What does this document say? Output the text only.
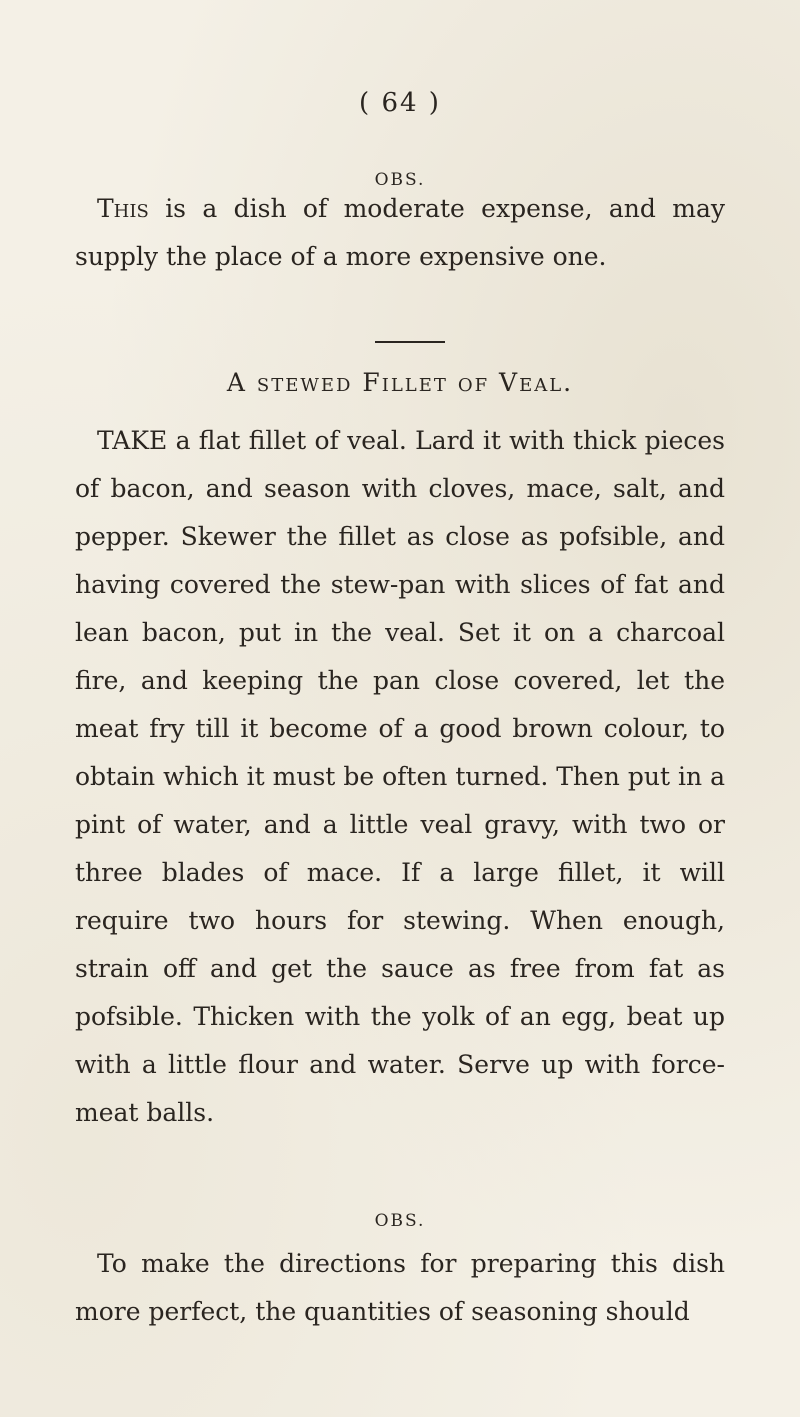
( 64 )
OBS.
This is a dish of moderate expense, and may supply the place of a more expensive one.
A stewed Fillet of Veal.
TAKE a flat fillet of veal. Lard it with thick pieces of bacon, and season with cloves, mace, salt, and pepper. Skewer the fillet as close as pofsible, and having covered the stew-pan with slices of fat and lean bacon, put in the veal. Set it on a charcoal fire, and keeping the pan close covered, let the meat fry till it become of a good brown colour, to obtain which it must be often turned. Then put in a pint of water, and a little veal gravy, with two or three blades of mace. If a large fillet, it will require two hours for stewing. When enough, strain off and get the sauce as free from fat as pofsible. Thicken with the yolk of an egg, beat up with a little flour and water. Serve up with force-meat balls.
OBS.
To make the directions for preparing this dish more perfect, the quantities of seasoning should
